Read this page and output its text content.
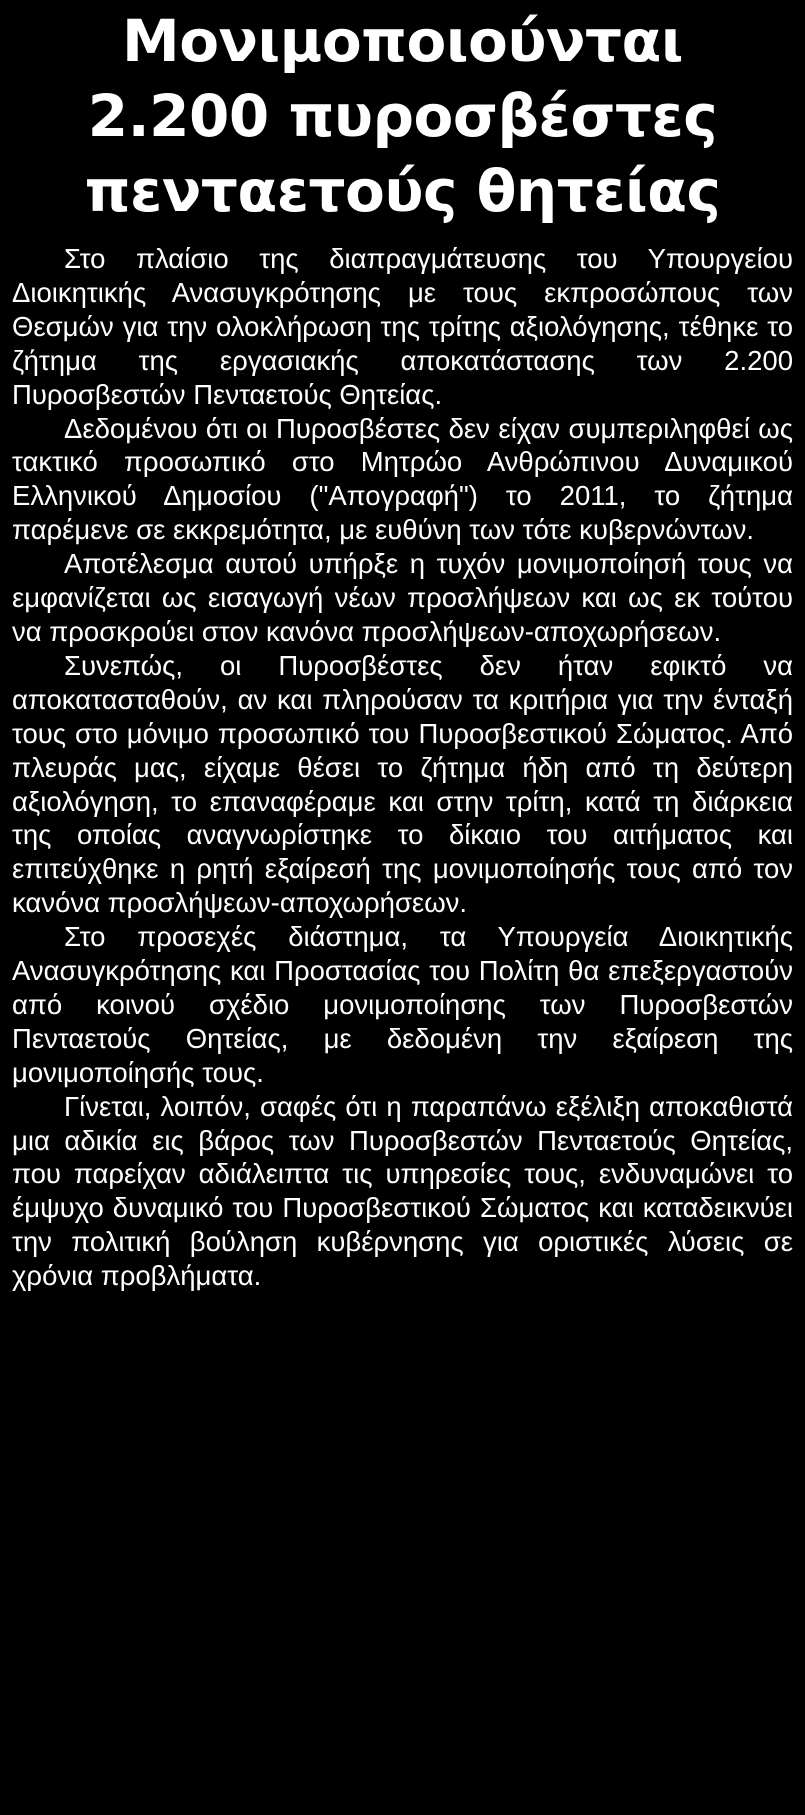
Μονιμοποιούνται
2.200 πυροσβέστες
πενταετούς θητείας

Στο πλαίσιο της διαπραγμάτευσης του Υπουργείου Διοικητικής Ανασυγκρότησης με τους εκπροσώπους των Θεσμών για την ολοκλήρωση της τρίτης αξιολόγησης, τέθηκε το ζήτημα της εργασιακής αποκατάστασης των 2.200 Πυροσβεστών Πενταετούς Θητείας.

Δεδομένου ότι οι Πυροσβέστες δεν είχαν συμπεριληφθεί ως τακτικό προσωπικό στο Μητρώο Ανθρώπινου Δυναμικού Ελληνικού Δημοσίου ("Απογραφή") το 2011, το ζήτημα παρέμενε σε εκκρεμότητα, με ευθύνη των τότε κυβερνώντων.

Αποτέλεσμα αυτού υπήρξε η τυχόν μονιμοποίησή τους να εμφανίζεται ως εισαγωγή νέων προσλήψεων και ως εκ τούτου να προσκρούει στον κανόνα προσλήψεων-αποχωρήσεων.

Συνεπώς, οι Πυροσβέστες δεν ήταν εφικτό να αποκατασταθούν, αν και πληρούσαν τα κριτήρια για την ένταξή τους στο μόνιμο προσωπικό του Πυροσβεστικού Σώματος. Από πλευράς μας, είχαμε θέσει το ζήτημα ήδη από τη δεύτερη αξιολόγηση, το επαναφέραμε και στην τρίτη, κατά τη διάρκεια της οποίας αναγνωρίστηκε το δίκαιο του αιτήματος και επιτεύχθηκε η ρητή εξαίρεσή της μονιμοποίησής τους από τον κανόνα προσλήψεων-αποχωρήσεων.

Στο προσεχές διάστημα, τα Υπουργεία Διοικητικής Ανασυγκρότησης και Προστασίας του Πολίτη θα επεξεργαστούν από κοινού σχέδιο μονιμοποίησης των Πυροσβεστών Πενταετούς Θητείας, με δεδομένη την εξαίρεση της μονιμοποίησής τους.

Γίνεται, λοιπόν, σαφές ότι η παραπάνω εξέλιξη αποκαθιστά μια αδικία εις βάρος των Πυροσβεστών Πενταετούς Θητείας, που παρείχαν αδιάλειπτα τις υπηρεσίες τους, ενδυναμώνει το έμψυχο δυναμικό του Πυροσβεστικού Σώματος και καταδεικνύει την πολιτική βούληση κυβέρνησης για οριστικές λύσεις σε χρόνια προβλήματα.
